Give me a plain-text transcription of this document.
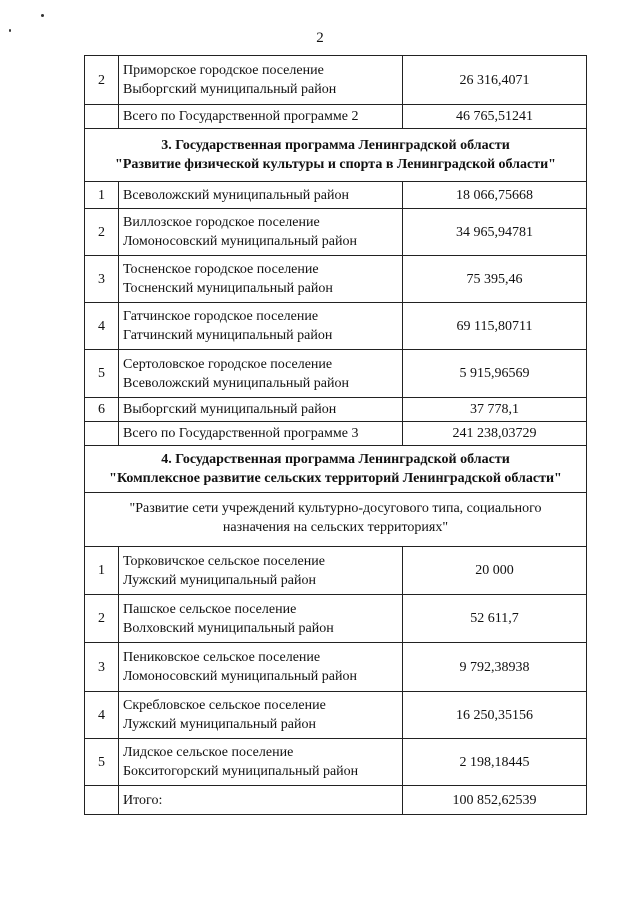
2
2	Приморское городское поселение
Выборгский муниципальный район	26 316,4071

	Всего по Государственной программе 2	46 765,51241

3. Государственная программа Ленинградской области
"Развитие физической культуры и спорта в Ленинградской области"		

1	Всеволожский муниципальный район	18 066,75668
2	Виллозское городское поселение
Ломоносовский муниципальный район	34 965,94781
3	Тосненское городское поселение
Тосненский муниципальный район	75 395,46
4	Гатчинское городское поселение
Гатчинский муниципальный район	69 115,80711
5	Сертоловское городское поселение
Всеволожский муниципальный район	5 915,96569
6	Выборгский муниципальный район	37 778,1

	Всего по Государственной программе 3	241 238,03729

4. Государственная программа Ленинградской области
"Комплексное развитие сельских территорий Ленинградской области"		

"Развитие сети учреждений культурно-досугового типа, социального
назначения на сельских территориях"		

1	Торковичское сельское поселение
Лужский муниципальный район	20 000
2	Пашское сельское поселение
Волховский муниципальный район	52 611,7
3	Пениковское сельское поселение
Ломоносовский муниципальный район	9 792,38938
4	Скребловское сельское поселение
Лужский муниципальный район	16 250,35156
5	Лидское сельское поселение
Бокситогорский муниципальный район	2 198,18445

	Итого:	100 852,62539
